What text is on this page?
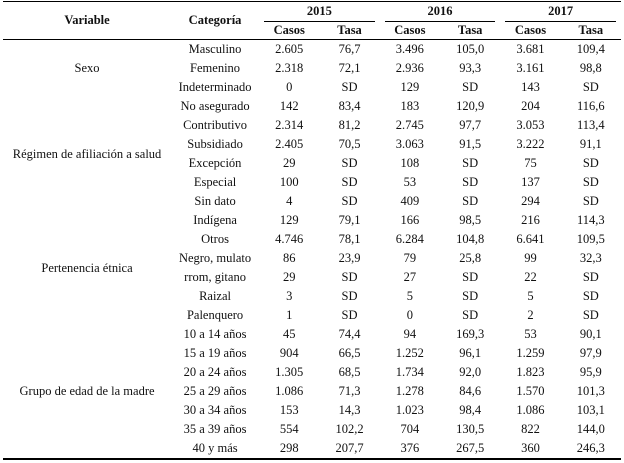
Variable	Categoría	2015		2016		2017	

		Casos	Tasa	Casos	Tasa	Casos	Tasa
Sexo	Masculino	2.605	76,7	3.496	105,0	3.681	109,4
	Femenino	2.318	72,1	2.936	93,3	3.161	98,8
	Indeterminado	0	SD	129	SD	143	SD
Régimen de afiliación a salud	No asegurado	142	83,4	183	120,9	204	116,6
	Contributivo	2.314	81,2	2.745	97,7	3.053	113,4
	Subsidiado	2.405	70,5	3.063	91,5	3.222	91,1
	Excepción	29	SD	108	SD	75	SD
	Especial	100	SD	53	SD	137	SD
	Sin dato	4	SD	409	SD	294	SD
Pertenencia étnica	Indígena	129	79,1	166	98,5	216	114,3
	Otros	4.746	78,1	6.284	104,8	6.641	109,5
	Negro, mulato	86	23,9	79	25,8	99	32,3
	rrom, gitano	29	SD	27	SD	22	SD
	Raizal	3	SD	5	SD	5	SD
	Palenquero	1	SD	0	SD	2	SD
Grupo de edad de la madre	10 a 14 años	45	74,4	94	169,3	53	90,1
	15 a 19 años	904	66,5	1.252	96,1	1.259	97,9
	20 a 24 años	1.305	68,5	1.734	92,0	1.823	95,9
	25 a 29 años	1.086	71,3	1.278	84,6	1.570	101,3
	30 a 34 años	153	14,3	1.023	98,4	1.086	103,1
	35 a 39 años	554	102,2	704	130,5	822	144,0
	40 y más	298	207,7	376	267,5	360	246,3
